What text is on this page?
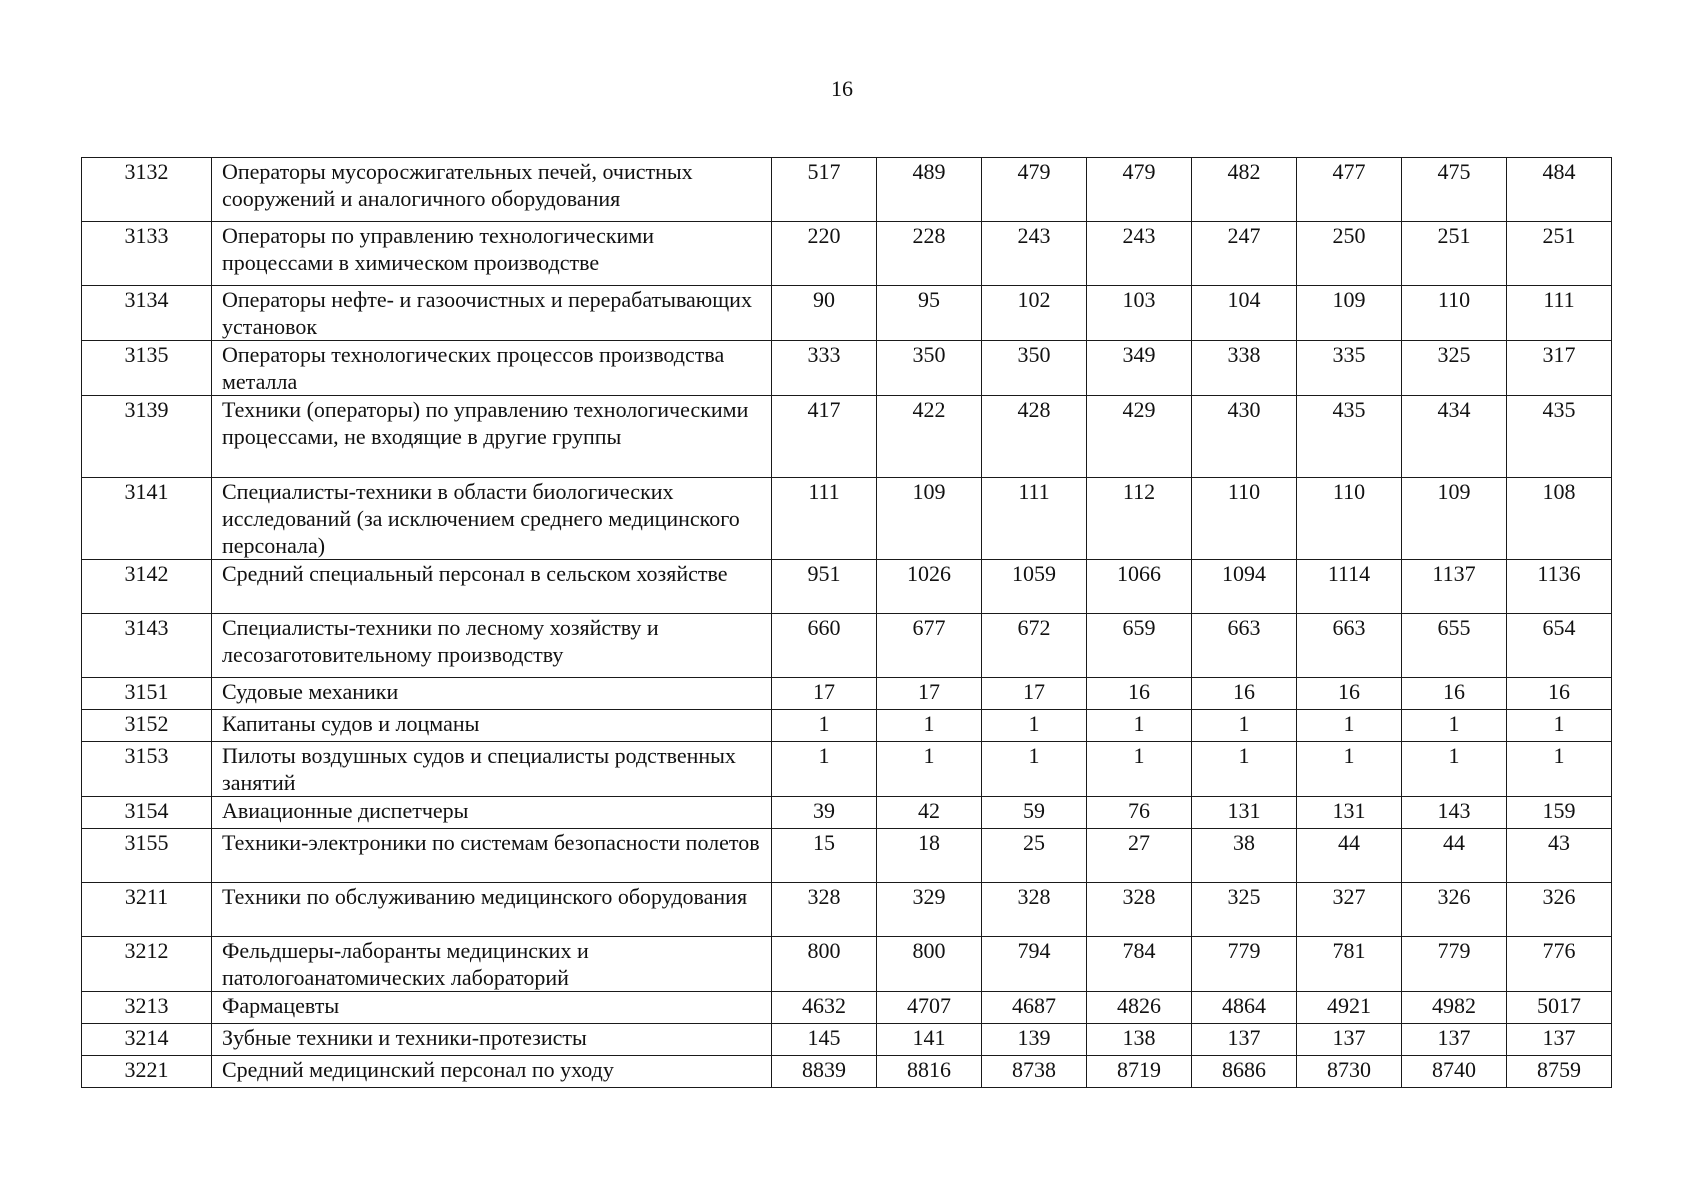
16
3132	Операторы мусоросжигательных печей, очистных сооружений и аналогичного оборудования	517	489	479	479	482	477	475	484
3133	Операторы по управлению технологическими процессами в химическом производстве	220	228	243	243	247	250	251	251
3134	Операторы нефте- и газоочистных и перерабатывающих установок	90	95	102	103	104	109	110	111
3135	Операторы технологических процессов производства металла	333	350	350	349	338	335	325	317
3139	Техники (операторы) по управлению технологическими процессами, не входящие в другие группы	417	422	428	429	430	435	434	435
3141	Специалисты-техники в области биологических исследований (за исключением среднего медицинского персонала)	111	109	111	112	110	110	109	108
3142	Средний специальный персонал в сельском хозяйстве	951	1026	1059	1066	1094	1114	1137	1136
3143	Специалисты-техники по лесному хозяйству и лесозаготовительному производству	660	677	672	659	663	663	655	654
3151	Судовые механики	17	17	17	16	16	16	16	16
3152	Капитаны судов и лоцманы	1	1	1	1	1	1	1	1
3153	Пилоты воздушных судов и специалисты родственных занятий	1	1	1	1	1	1	1	1
3154	Авиационные диспетчеры	39	42	59	76	131	131	143	159
3155	Техники-электроники по системам безопасности полетов	15	18	25	27	38	44	44	43
3211	Техники по обслуживанию медицинского оборудования	328	329	328	328	325	327	326	326
3212	Фельдшеры-лаборанты медицинских и патологоанатомических лабораторий	800	800	794	784	779	781	779	776
3213	Фармацевты	4632	4707	4687	4826	4864	4921	4982	5017
3214	Зубные техники и техники-протезисты	145	141	139	138	137	137	137	137
3221	Средний медицинский персонал по уходу	8839	8816	8738	8719	8686	8730	8740	8759
